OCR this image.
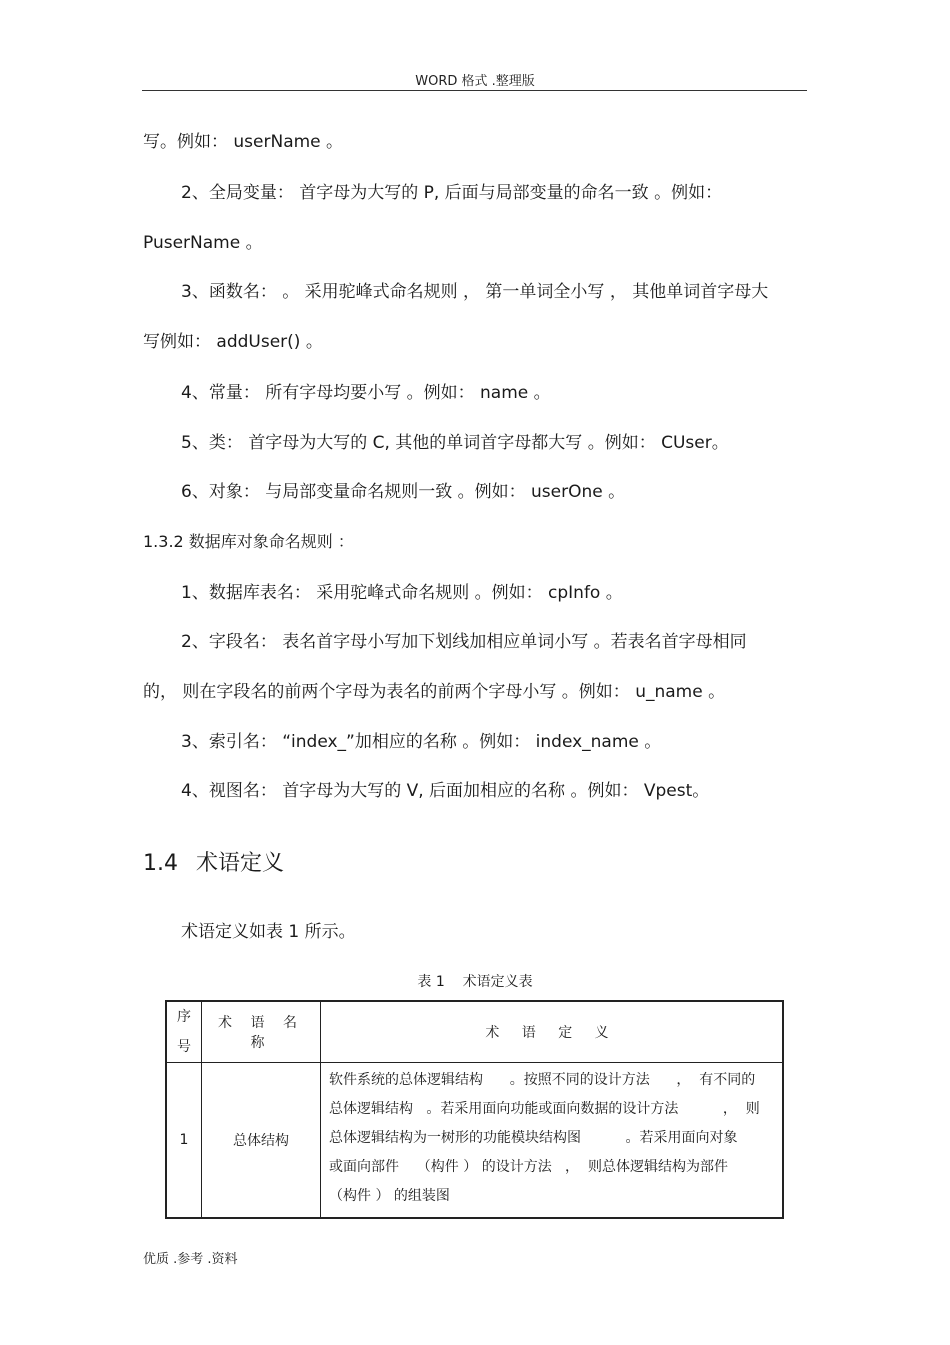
WORD 格式 .整理版
写。例如： userName 。
2、全局变量： 首字母为大写的 P, 后面与局部变量的命名一致 。例如：
PuserName 。
3、函数名： 。 采用驼峰式命名规则 ， 第一单词全小写 ， 其他单词首字母大
写例如： addUser() 。
4、常量： 所有字母均要小写 。例如： name 。
5、类： 首字母为大写的 C, 其他的单词首字母都大写 。例如： CUser。
6、对象： 与局部变量命名规则一致 。例如： userOne 。
1.3.2 数据库对象命名规则 ：
1、数据库表名： 采用驼峰式命名规则 。例如： cpInfo 。
2、字段名： 表名首字母小写加下划线加相应单词小写 。若表名首字母相同
的， 则在字段名的前两个字母为表名的前两个字母小写 。例如： u_name 。
3、索引名： “index_”加相应的名称 。例如： index_name 。
4、视图名： 首字母为大写的 V, 后面加相应的名称 。例如： Vpest。
1.4 术语定义
术语定义如表 1 所示。
表 1    术语定义表
序号	术 语 名 称	术 语 定 义
1	总体结构	软件系统的总体逻辑结构      。按照不同的设计方法      ，  有不同的
总体逻辑结构   。若采用面向功能或面向数据的设计方法          ，  则
总体逻辑结构为一树形的功能模块结构图          。若采用面向对象
或面向部件    （构件 ） 的设计方法   ，  则总体逻辑结构为部件
（构件 ） 的组装图
优质 .参考 .资料
